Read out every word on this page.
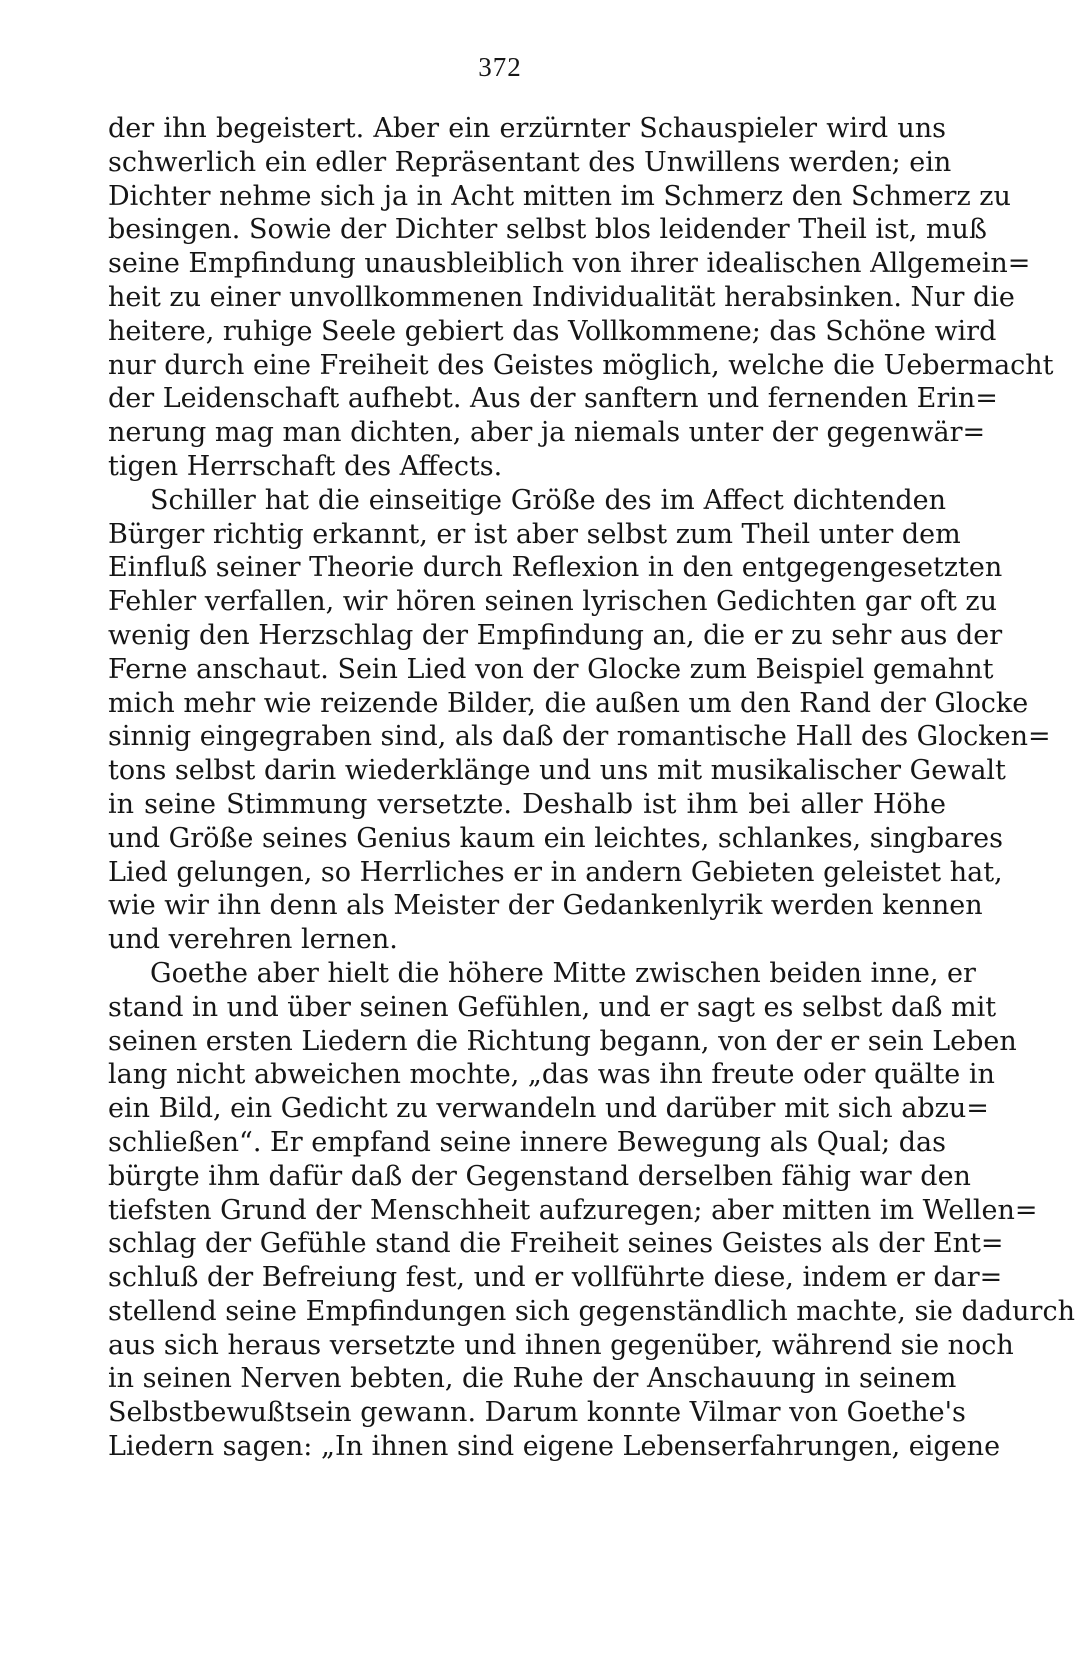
372
der ihn begeistert. Aber ein erzürnter Schauspieler wird uns
schwerlich ein edler Repräsentant des Unwillens werden; ein
Dichter nehme sich ja in Acht mitten im Schmerz den Schmerz zu
besingen. Sowie der Dichter selbst blos leidender Theil ist, muß
seine Empfindung unausbleiblich von ihrer idealischen Allgemein=
heit zu einer unvollkommenen Individualität herabsinken. Nur die
heitere, ruhige Seele gebiert das Vollkommene; das Schöne wird
nur durch eine Freiheit des Geistes möglich, welche die Uebermacht
der Leidenschaft aufhebt. Aus der sanftern und fernenden Erin=
nerung mag man dichten, aber ja niemals unter der gegenwär=
tigen Herrschaft des Affects.
Schiller hat die einseitige Größe des im Affect dichtenden
Bürger richtig erkannt, er ist aber selbst zum Theil unter dem
Einfluß seiner Theorie durch Reflexion in den entgegengesetzten
Fehler verfallen, wir hören seinen lyrischen Gedichten gar oft zu
wenig den Herzschlag der Empfindung an, die er zu sehr aus der
Ferne anschaut. Sein Lied von der Glocke zum Beispiel gemahnt
mich mehr wie reizende Bilder, die außen um den Rand der Glocke
sinnig eingegraben sind, als daß der romantische Hall des Glocken=
tons selbst darin wiederklänge und uns mit musikalischer Gewalt
in seine Stimmung versetzte. Deshalb ist ihm bei aller Höhe
und Größe seines Genius kaum ein leichtes, schlankes, singbares
Lied gelungen, so Herrliches er in andern Gebieten geleistet hat,
wie wir ihn denn als Meister der Gedankenlyrik werden kennen
und verehren lernen.
Goethe aber hielt die höhere Mitte zwischen beiden inne, er
stand in und über seinen Gefühlen, und er sagt es selbst daß mit
seinen ersten Liedern die Richtung begann, von der er sein Leben
lang nicht abweichen mochte, „das was ihn freute oder quälte in
ein Bild, ein Gedicht zu verwandeln und darüber mit sich abzu=
schließen“. Er empfand seine innere Bewegung als Qual; das
bürgte ihm dafür daß der Gegenstand derselben fähig war den
tiefsten Grund der Menschheit aufzuregen; aber mitten im Wellen=
schlag der Gefühle stand die Freiheit seines Geistes als der Ent=
schluß der Befreiung fest, und er vollführte diese, indem er dar=
stellend seine Empfindungen sich gegenständlich machte, sie dadurch
aus sich heraus versetzte und ihnen gegenüber, während sie noch
in seinen Nerven bebten, die Ruhe der Anschauung in seinem
Selbstbewußtsein gewann. Darum konnte Vilmar von Goethe's
Liedern sagen: „In ihnen sind eigene Lebenserfahrungen, eigene
